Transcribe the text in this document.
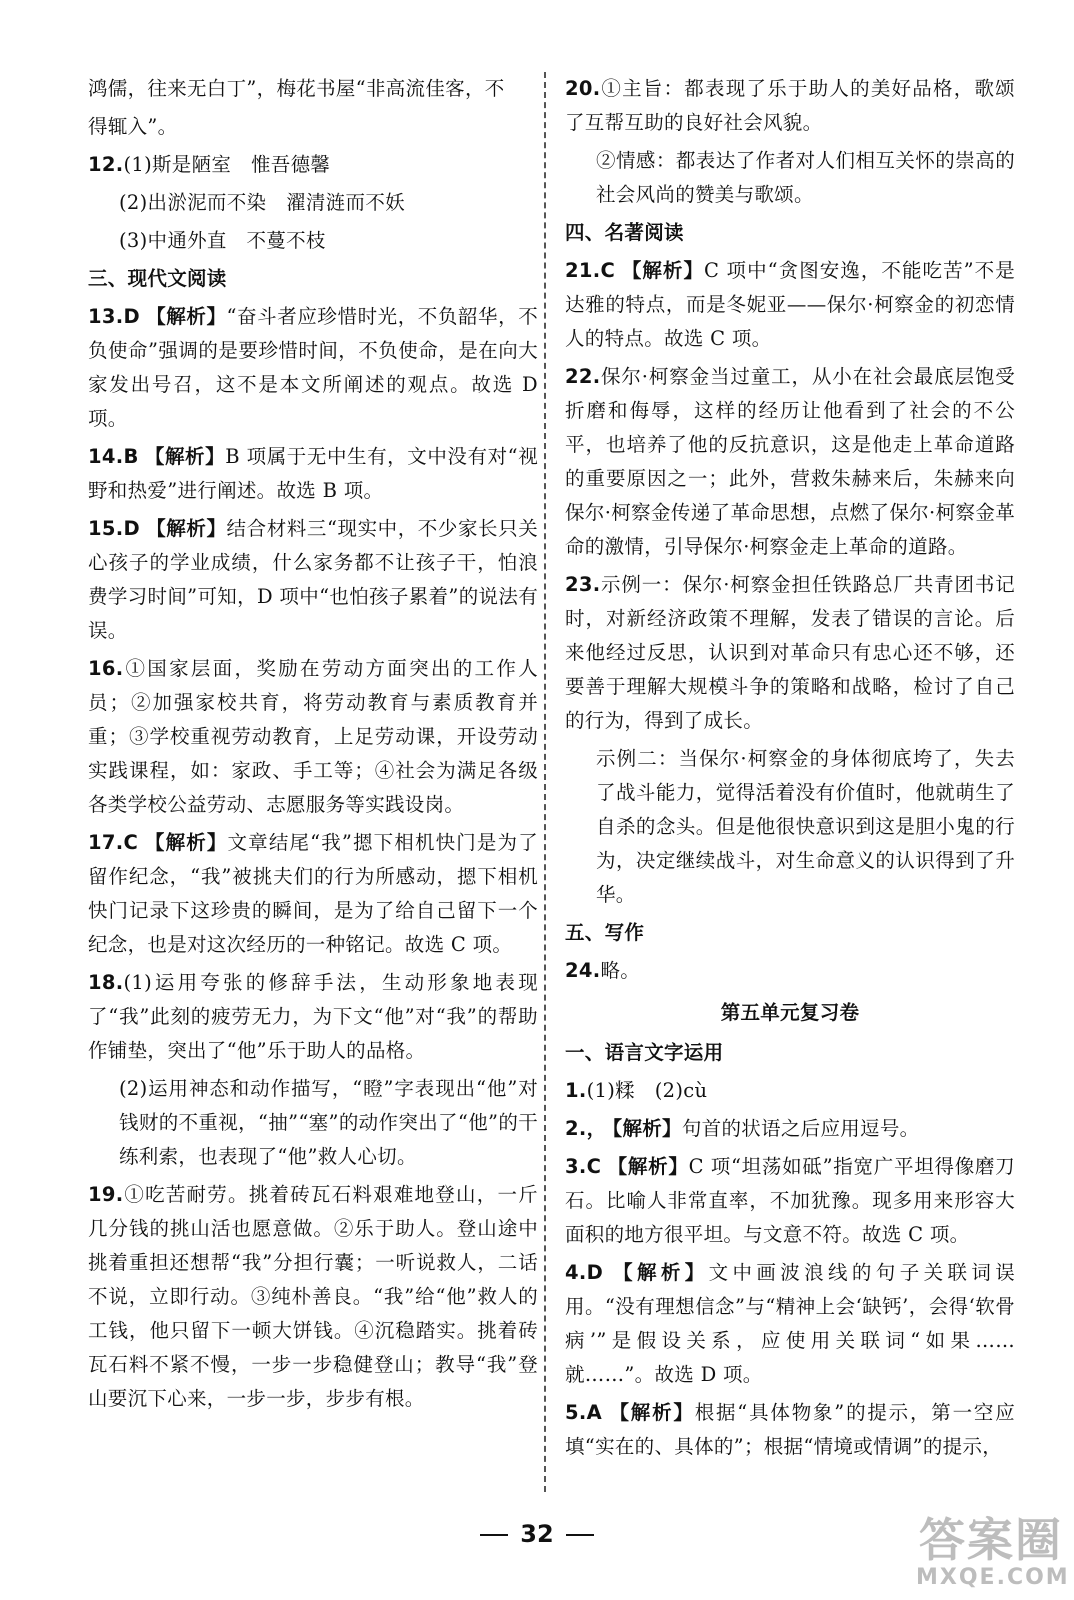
鸿儒，往来无白丁”，梅花书屋“非高流佳客，不
得辄入”。
12.(1)斯是陋室　惟吾德馨
(2)出淤泥而不染　濯清涟而不妖
(3)中通外直　不蔓不枝
三、现代文阅读
13.D 【解析】“奋斗者应珍惜时光，不负韶华，不负使命”强调的是要珍惜时间，不负使命，是在向大家发出号召，这不是本文所阐述的观点。故选 D 项。
14.B 【解析】B 项属于无中生有，文中没有对“视野和热爱”进行阐述。故选 B 项。
15.D 【解析】结合材料三“现实中，不少家长只关心孩子的学业成绩，什么家务都不让孩子干，怕浪费学习时间”可知，D 项中“也怕孩子累着”的说法有误。
16.①国家层面，奖励在劳动方面突出的工作人员；②加强家校共育，将劳动教育与素质教育并重；③学校重视劳动教育，上足劳动课，开设劳动实践课程，如：家政、手工等；④社会为满足各级各类学校公益劳动、志愿服务等实践设岗。
17.C 【解析】文章结尾“我”摁下相机快门是为了留作纪念，“我”被挑夫们的行为所感动，摁下相机快门记录下这珍贵的瞬间，是为了给自己留下一个纪念，也是对这次经历的一种铭记。故选 C 项。
18.(1)运用夸张的修辞手法，生动形象地表现了“我”此刻的疲劳无力，为下文“他”对“我”的帮助作铺垫，突出了“他”乐于助人的品格。
(2)运用神态和动作描写，“瞪”字表现出“他”对钱财的不重视，“抽”“塞”的动作突出了“他”的干练利索，也表现了“他”救人心切。
19.①吃苦耐劳。挑着砖瓦石料艰难地登山，一斤几分钱的挑山活也愿意做。②乐于助人。登山途中挑着重担还想帮“我”分担行囊；一听说救人，二话不说，立即行动。③纯朴善良。“我”给“他”救人的工钱，他只留下一顿大饼钱。④沉稳踏实。挑着砖瓦石料不紧不慢，一步一步稳健登山；教导“我”登山要沉下心来，一步一步，步步有根。
20.①主旨：都表现了乐于助人的美好品格，歌颂了互帮互助的良好社会风貌。
②情感：都表达了作者对人们相互关怀的崇高的社会风尚的赞美与歌颂。
四、名著阅读
21.C 【解析】C 项中“贪图安逸，不能吃苦”不是达雅的特点，而是冬妮亚——保尔·柯察金的初恋情人的特点。故选 C 项。
22.保尔·柯察金当过童工，从小在社会最底层饱受折磨和侮辱，这样的经历让他看到了社会的不公平，也培养了他的反抗意识，这是他走上革命道路的重要原因之一；此外，营救朱赫来后，朱赫来向保尔·柯察金传递了革命思想，点燃了保尔·柯察金革命的激情，引导保尔·柯察金走上革命的道路。
23.示例一：保尔·柯察金担任铁路总厂共青团书记时，对新经济政策不理解，发表了错误的言论。后来他经过反思，认识到对革命只有忠心还不够，还要善于理解大规模斗争的策略和战略，检讨了自己的行为，得到了成长。
示例二：当保尔·柯察金的身体彻底垮了，失去了战斗能力，觉得活着没有价值时，他就萌生了自杀的念头。但是他很快意识到这是胆小鬼的行为，决定继续战斗，对生命意义的认识得到了升华。
五、写作
24.略。
第五单元复习卷
一、语言文字运用
1.(1)糅　(2)cù
2.， 【解析】句首的状语之后应用逗号。
3.C 【解析】C 项“坦荡如砥”指宽广平坦得像磨刀石。比喻人非常直率，不加犹豫。现多用来形容大面积的地方很平坦。与文意不符。故选 C 项。
4.D 【解析】文中画波浪线的句子关联词误用。“没有理想信念”与“精神上会‘缺钙’，会得‘软骨病’”是假设关系，应使用关联词“如果……就……”。故选 D 项。
5.A 【解析】根据“具体物象”的提示，第一空应填“实在的、具体的”；根据“情境或情调”的提示，
32	答案圈
MXQE.COM
